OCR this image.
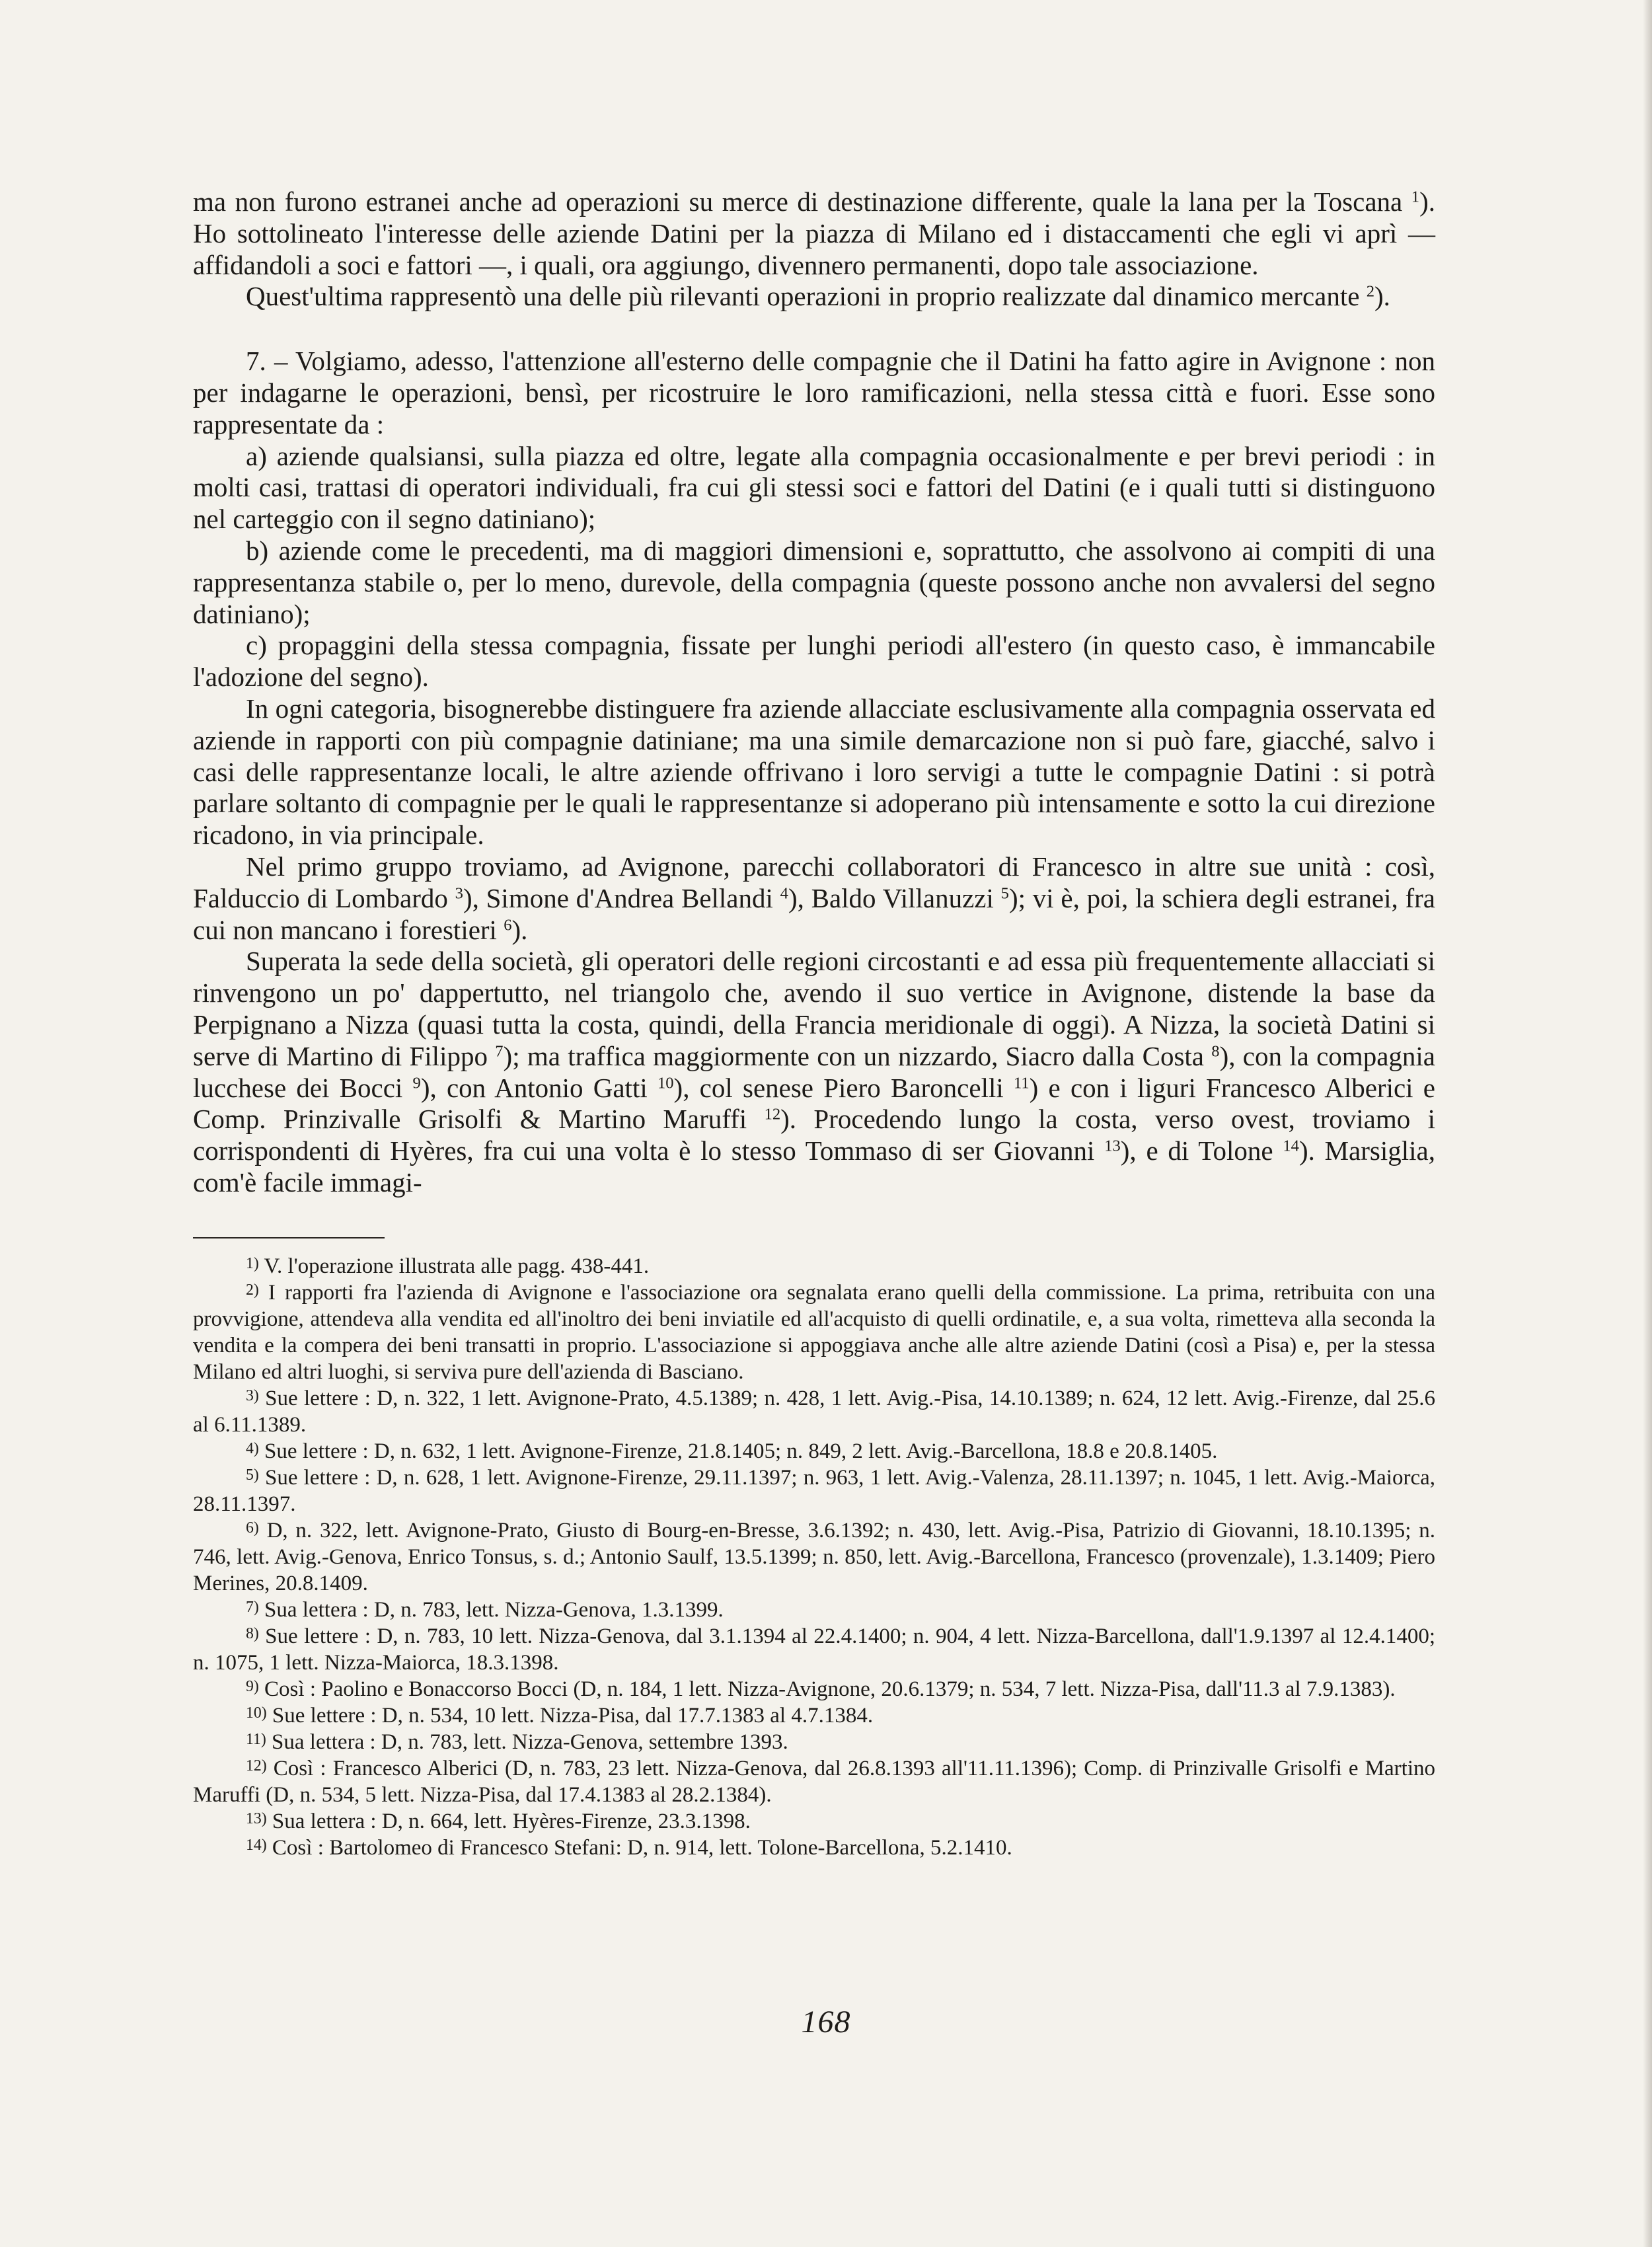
ma non furono estranei anche ad operazioni su merce di destinazione differente, quale la lana per la Toscana $^1$). Ho sottolineato l'interesse delle aziende Datini per la piazza di Milano ed i distaccamenti che egli vi aprì — affidandoli a soci e fattori —, i quali, ora aggiungo, divennero permanenti, dopo tale associazione.

Quest'ultima rappresentò una delle più rilevanti operazioni in proprio realizzate dal dinamico mercante $^2$).

7. – Volgiamo, adesso, l'attenzione all'esterno delle compagnie che il Datini ha fatto agire in Avignone : non per indagarne le operazioni, bensì, per ricostruire le loro ramificazioni, nella stessa città e fuori. Esse sono rappresentate da :

a) aziende qualsiansi, sulla piazza ed oltre, legate alla compagnia occasionalmente e per brevi periodi : in molti casi, trattasi di operatori individuali, fra cui gli stessi soci e fattori del Datini (e i quali tutti si distinguono nel carteggio con il segno datiniano);

b) aziende come le precedenti, ma di maggiori dimensioni e, soprattutto, che assolvono ai compiti di una rappresentanza stabile o, per lo meno, durevole, della compagnia (queste possono anche non avvalersi del segno datiniano);

c) propaggini della stessa compagnia, fissate per lunghi periodi all'estero (in questo caso, è immancabile l'adozione del segno).

In ogni categoria, bisognerebbe distinguere fra aziende allacciate esclusivamente alla compagnia osservata ed aziende in rapporti con più compagnie datiniane; ma una simile demarcazione non si può fare, giacché, salvo i casi delle rappresentanze locali, le altre aziende offrivano i loro servigi a tutte le compagnie Datini : si potrà parlare soltanto di compagnie per le quali le rappresentanze si adoperano più intensamente e sotto la cui direzione ricadono, in via principale.

Nel primo gruppo troviamo, ad Avignone, parecchi collaboratori di Francesco in altre sue unità : così, Falduccio di Lombardo $^3$), Simone d'Andrea Bellandi $^4$), Baldo Villanuzzi $^5$); vi è, poi, la schiera degli estranei, fra cui non mancano i forestieri $^6$).

Superata la sede della società, gli operatori delle regioni circostanti e ad essa più frequentemente allacciati si rinvengono un po' dappertutto, nel triangolo che, avendo il suo vertice in Avignone, distende la base da Perpignano a Nizza (quasi tutta la costa, quindi, della Francia meridionale di oggi). A Nizza, la società Datini si serve di Martino di Filippo $^7$); ma traffica maggiormente con un nizzardo, Siacro dalla Costa $^8$), con la compagnia lucchese dei Bocci $^9$), con Antonio Gatti $^{10}$), col senese Piero Baroncelli $^{11}$) e con i liguri Francesco Alberici e Comp. Prinzivalle Grisolfi & Martino Maruffi $^{12}$). Procedendo lungo la costa, verso ovest, troviamo i corrispondenti di Hyères, fra cui una volta è lo stesso Tommaso di ser Giovanni $^{13}$), e di Tolone $^{14}$). Marsiglia, com'è facile immagi-

$^{1)}$ V. l'operazione illustrata alle pagg. 438-441.

$^{2)}$ I rapporti fra l'azienda di Avignone e l'associazione ora segnalata erano quelli della commissione. La prima, retribuita con una provvigione, attendeva alla vendita ed all'inoltro dei beni inviatile ed all'acquisto di quelli ordinatile, e, a sua volta, rimetteva alla seconda la vendita e la compera dei beni transatti in proprio. L'associazione si appoggiava anche alle altre aziende Datini (così a Pisa) e, per la stessa Milano ed altri luoghi, si serviva pure dell'azienda di Basciano.

$^{3)}$ Sue lettere : D, n. 322, 1 lett. Avignone-Prato, 4.5.1389; n. 428, 1 lett. Avig.-Pisa, 14.10.1389; n. 624, 12 lett. Avig.-Firenze, dal 25.6 al 6.11.1389.

$^{4)}$ Sue lettere : D, n. 632, 1 lett. Avignone-Firenze, 21.8.1405; n. 849, 2 lett. Avig.-Barcellona, 18.8 e 20.8.1405.

$^{5)}$ Sue lettere : D, n. 628, 1 lett. Avignone-Firenze, 29.11.1397; n. 963, 1 lett. Avig.-Valenza, 28.11.1397; n. 1045, 1 lett. Avig.-Maiorca, 28.11.1397.

$^{6)}$ D, n. 322, lett. Avignone-Prato, Giusto di Bourg-en-Bresse, 3.6.1392; n. 430, lett. Avig.-Pisa, Patrizio di Giovanni, 18.10.1395; n. 746, lett. Avig.-Genova, Enrico Tonsus, s. d.; Antonio Saulf, 13.5.1399; n. 850, lett. Avig.-Barcellona, Francesco (provenzale), 1.3.1409; Piero Merines, 20.8.1409.

$^{7)}$ Sua lettera : D, n. 783, lett. Nizza-Genova, 1.3.1399.

$^{8)}$ Sue lettere : D, n. 783, 10 lett. Nizza-Genova, dal 3.1.1394 al 22.4.1400; n. 904, 4 lett. Nizza-Barcellona, dall'1.9.1397 al 12.4.1400; n. 1075, 1 lett. Nizza-Maiorca, 18.3.1398.

$^{9)}$ Così : Paolino e Bonaccorso Bocci (D, n. 184, 1 lett. Nizza-Avignone, 20.6.1379; n. 534, 7 lett. Nizza-Pisa, dall'11.3 al 7.9.1383).

$^{10)}$ Sue lettere : D, n. 534, 10 lett. Nizza-Pisa, dal 17.7.1383 al 4.7.1384.

$^{11)}$ Sua lettera : D, n. 783, lett. Nizza-Genova, settembre 1393.

$^{12)}$ Così : Francesco Alberici (D, n. 783, 23 lett. Nizza-Genova, dal 26.8.1393 all'11.11.1396); Comp. di Prinzivalle Grisolfi e Martino Maruffi (D, n. 534, 5 lett. Nizza-Pisa, dal 17.4.1383 al 28.2.1384).

$^{13)}$ Sua lettera : D, n. 664, lett. Hyères-Firenze, 23.3.1398.

$^{14)}$ Così : Bartolomeo di Francesco Stefani: D, n. 914, lett. Tolone-Barcellona, 5.2.1410.

168
